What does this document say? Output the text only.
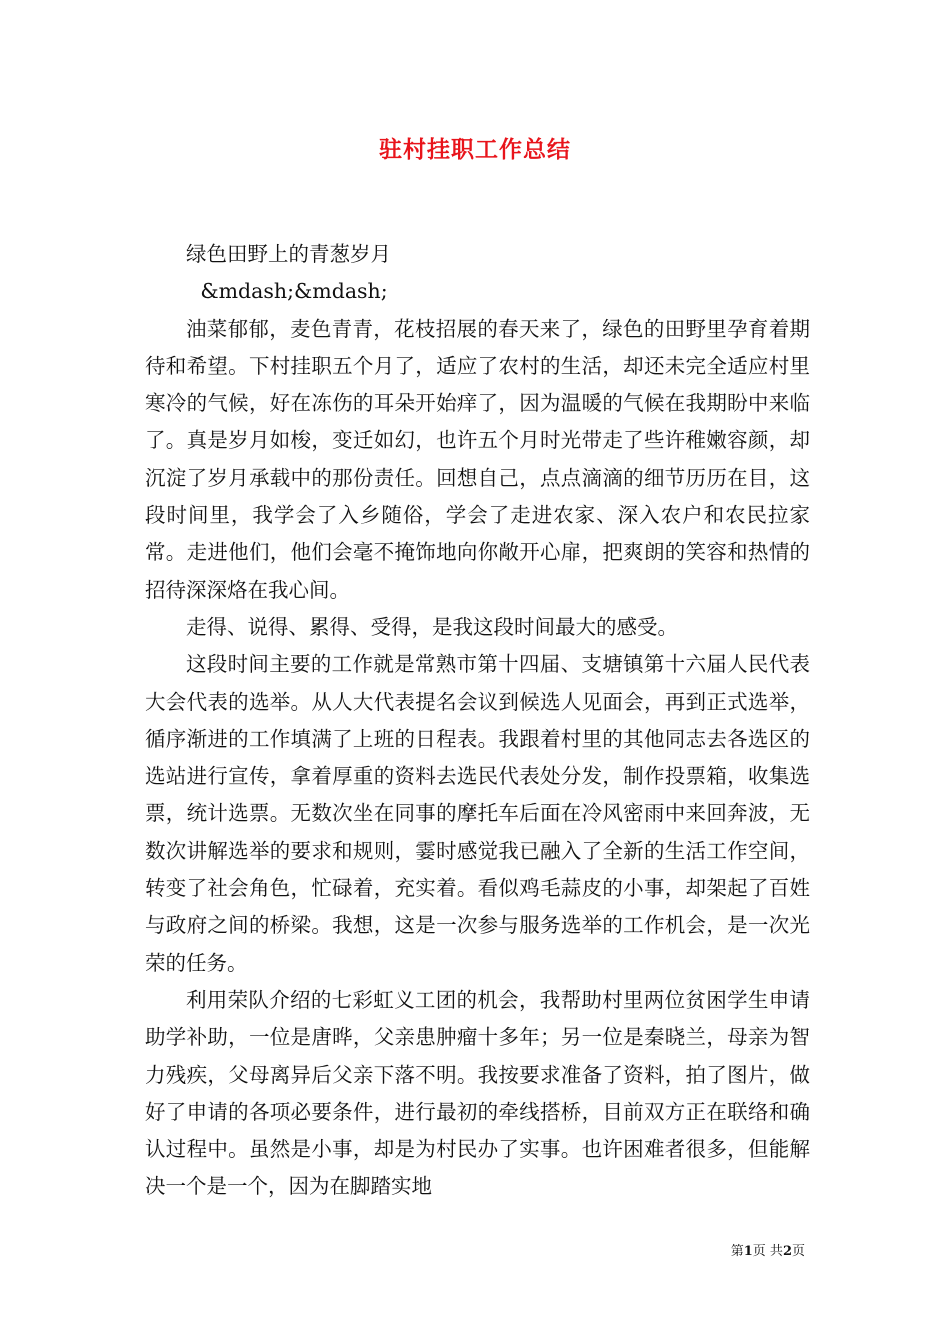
驻村挂职工作总结

绿色田野上的青葱岁月

&mdash;&mdash;

油菜郁郁，麦色青青，花枝招展的春天来了，绿色的田野里孕育着期待和希望。下村挂职五个月了，适应了农村的生活，却还未完全适应村里寒冷的气候，好在冻伤的耳朵开始痒了，因为温暖的气候在我期盼中来临了。真是岁月如梭，变迁如幻，也许五个月时光带走了些许稚嫩容颜，却沉淀了岁月承载中的那份责任。回想自己，点点滴滴的细节历历在目，这段时间里，我学会了入乡随俗，学会了走进农家、深入农户和农民拉家常。走进他们，他们会毫不掩饰地向你敞开心扉，把爽朗的笑容和热情的招待深深烙在我心间。

走得、说得、累得、受得，是我这段时间最大的感受。

这段时间主要的工作就是常熟市第十四届、支塘镇第十六届人民代表大会代表的选举。从人大代表提名会议到候选人见面会，再到正式选举，循序渐进的工作填满了上班的日程表。我跟着村里的其他同志去各选区的选站进行宣传，拿着厚重的资料去选民代表处分发，制作投票箱，收集选票，统计选票。无数次坐在同事的摩托车后面在冷风密雨中来回奔波，无数次讲解选举的要求和规则，霎时感觉我已融入了全新的生活工作空间，转变了社会角色，忙碌着，充实着。看似鸡毛蒜皮的小事，却架起了百姓与政府之间的桥梁。我想，这是一次参与服务选举的工作机会，是一次光荣的任务。

利用荣队介绍的七彩虹义工团的机会，我帮助村里两位贫困学生申请助学补助，一位是唐晔，父亲患肿瘤十多年；另一位是秦晓兰，母亲为智力残疾，父母离异后父亲下落不明。我按要求准备了资料，拍了图片，做好了申请的各项必要条件，进行最初的牵线搭桥，目前双方正在联络和确认过程中。虽然是小事，却是为村民办了实事。也许困难者很多，但能解决一个是一个，因为在脚踏实地

第1页 共2页
